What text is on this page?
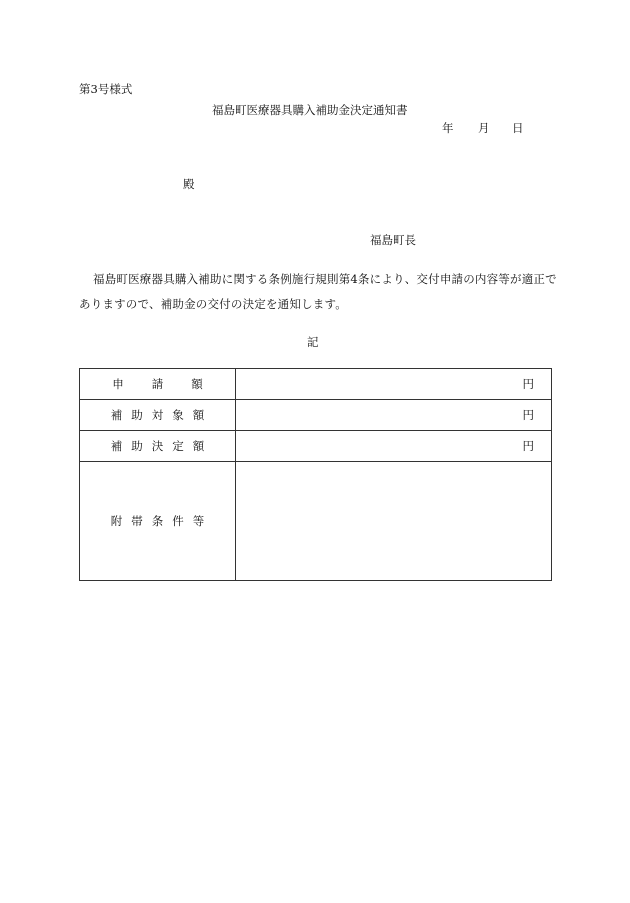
第3号様式
福島町医療器具購入補助金決定通知書
年 月 日
殿
福島町長
福島町医療器具購入補助に関する条例施行規則第4条により、交付申請の内容等が適正で
ありますので、補助金の交付の決定を通知します。
記
申請額	円
補助対象額	円
補助決定額	円
附帯条件等	
